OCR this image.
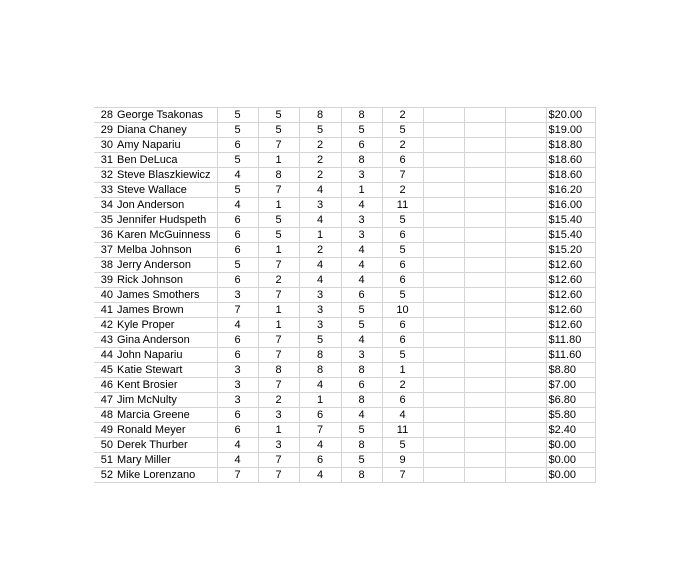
28	George Tsakonas	5	5	8	8	2				$20.00
29	Diana Chaney	5	5	5	5	5				$19.00
30	Amy Napariu	6	7	2	6	2				$18.80
31	Ben DeLuca	5	1	2	8	6				$18.60
32	Steve Blaszkiewicz	4	8	2	3	7				$18.60
33	Steve Wallace	5	7	4	1	2				$16.20
34	Jon Anderson	4	1	3	4	11				$16.00
35	Jennifer Hudspeth	6	5	4	3	5				$15.40
36	Karen McGuinness	6	5	1	3	6				$15.40
37	Melba Johnson	6	1	2	4	5				$15.20
38	Jerry Anderson	5	7	4	4	6				$12.60
39	Rick Johnson	6	2	4	4	6				$12.60
40	James Smothers	3	7	3	6	5				$12.60
41	James Brown	7	1	3	5	10				$12.60
42	Kyle Proper	4	1	3	5	6				$12.60
43	Gina Anderson	6	7	5	4	6				$11.80
44	John Napariu	6	7	8	3	5				$11.60
45	Katie Stewart	3	8	8	8	1				$8.80
46	Kent Brosier	3	7	4	6	2				$7.00
47	Jim McNulty	3	2	1	8	6				$6.80
48	Marcia Greene	6	3	6	4	4				$5.80
49	Ronald Meyer	6	1	7	5	11				$2.40
50	Derek Thurber	4	3	4	8	5				$0.00
51	Mary Miller	4	7	6	5	9				$0.00
52	Mike Lorenzano	7	7	4	8	7				$0.00
